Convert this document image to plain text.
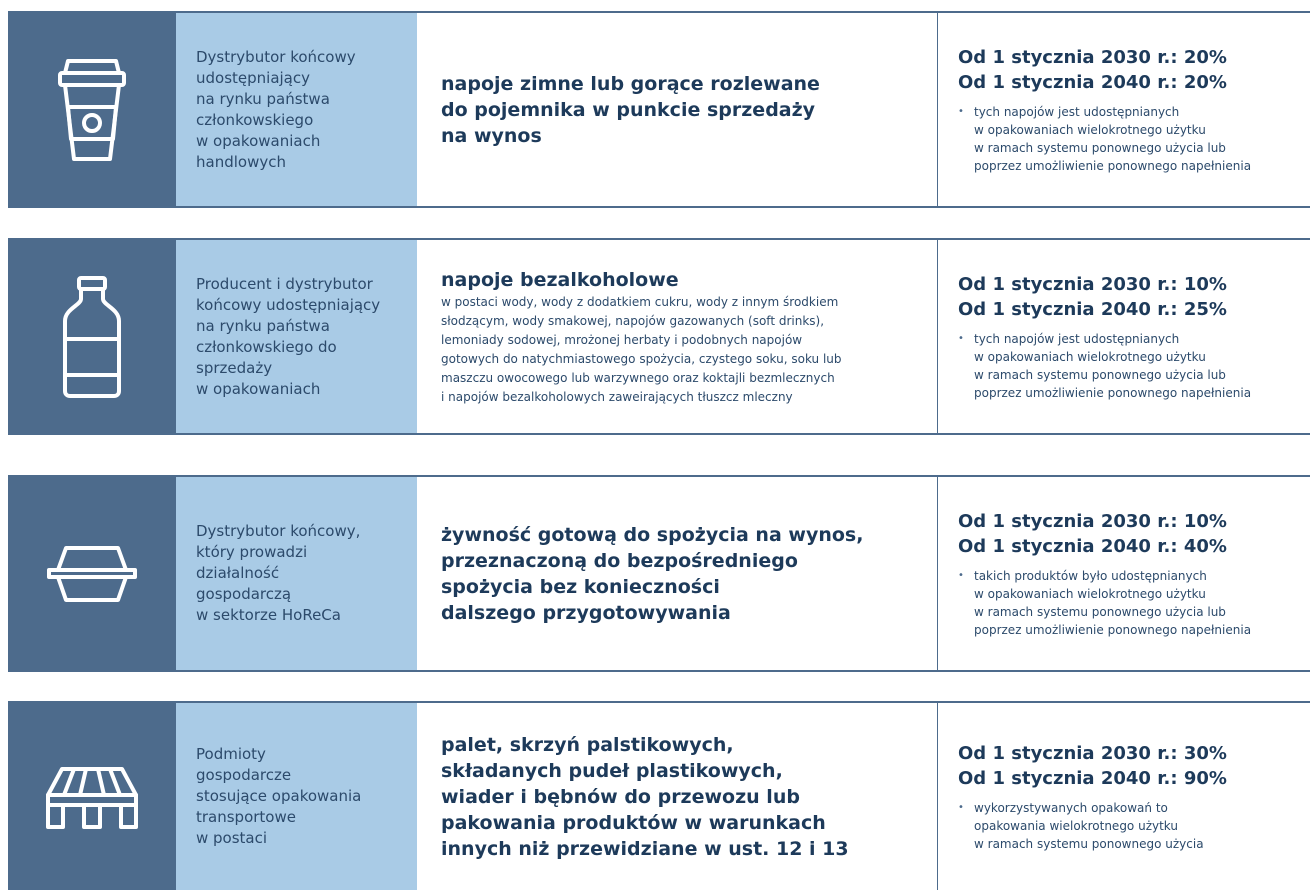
Dystrybutor końcowy
udostępniający
na rynku państwa
członkowskiego
w opakowaniach
handlowych

napoje zimne lub gorące rozlewane
do pojemnika w punkcie sprzedaży
na wynos

Od 1 stycznia 2030 r.: 20%

Od 1 stycznia 2040 r.: 20%

• tych napojów jest udostępnianych
w opakowaniach wielokrotnego użytku
w ramach systemu ponownego użycia lub
poprzez umożliwienie ponownego napełnienia
Producent i dystrybutor
końcowy udostępniający
na rynku państwa
członkowskiego do
sprzedaży
w opakowaniach

napoje bezalkoholowe

w postaci wody, wody z dodatkiem cukru, wody z innym środkiem
słodzącym, wody smakowej, napojów gazowanych (soft drinks),
lemoniady sodowej, mrożonej herbaty i podobnych napojów
gotowych do natychmiastowego spożycia, czystego soku, soku lub
maszczu owocowego lub warzywnego oraz koktajli bezmlecznych
i napojów bezalkoholowych zaweirających tłuszcz mleczny

Od 1 stycznia 2030 r.: 10%

Od 1 stycznia 2040 r.: 25%

• tych napojów jest udostępnianych
w opakowaniach wielokrotnego użytku
w ramach systemu ponownego użycia lub
poprzez umożliwienie ponownego napełnienia
Dystrybutor końcowy,
który prowadzi
działalność
gospodarczą
w sektorze HoReCa

żywność gotową do spożycia na wynos,
przeznaczoną do bezpośredniego
spożycia bez konieczności
dalszego przygotowywania

Od 1 stycznia 2030 r.: 10%

Od 1 stycznia 2040 r.: 40%

• takich produktów było udostępnianych
w opakowaniach wielokrotnego użytku
w ramach systemu ponownego użycia lub
poprzez umożliwienie ponownego napełnienia
Podmioty
gospodarcze
stosujące opakowania
transportowe
w postaci

palet, skrzyń palstikowych,
składanych pudeł plastikowych,
wiader i bębnów do przewozu lub
pakowania produktów w warunkach
innych niż przewidziane w ust. 12 i 13

Od 1 stycznia 2030 r.: 30%

Od 1 stycznia 2040 r.: 90%

• wykorzystywanych opakowań to
opakowania wielokrotnego użytku
w ramach systemu ponownego użycia
